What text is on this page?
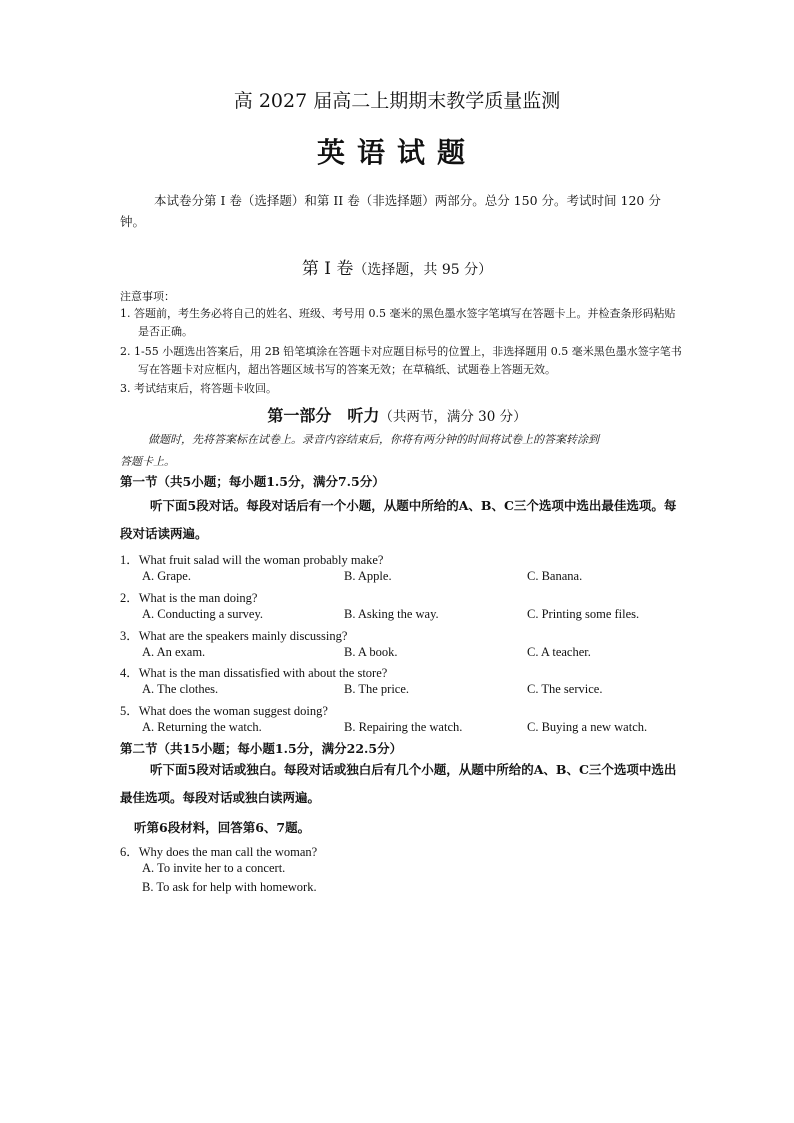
高 2027 届高二上期期末教学质量监测
英语试题
本试卷分第 I 卷（选择题）和第 II 卷（非选择题）两部分。总分 150 分。考试时间 120 分钟。
第 Ⅰ 卷（选择题，共 95 分）
注意事项：
1. 答题前，考生务必将自己的姓名、班级、考号用 0.5 毫米的黑色墨水签字笔填写在答题卡上。并检查条形码粘贴
是否正确。
2. 1-55 小题选出答案后，用 2B 铅笔填涂在答题卡对应题目标号的位置上，非选择题用 0.5 毫米黑色墨水签字笔书
写在答题卡对应框内，超出答题区域书写的答案无效；在草稿纸、试题卷上答题无效。
3. 考试结束后，将答题卡收回。
第一部分　听力（共两节，满分 30 分）
做题时，先将答案标在试卷上。录音内容结束后，你将有两分钟的时间将试卷上的答案转涂到
答题卡上。
第一节（共5小题；每小题1.5分，满分7.5分）
听下面5段对话。每段对话后有一个小题，从题中所给的A、B、C三个选项中选出最佳选项。每段对话读两遍。
1．What fruit salad will the woman probably make?
A. Grape.	B. Apple.	C. Banana.
2．What is the man doing?
A. Conducting a survey.	B. Asking the way.	C. Printing some files.
3．What are the speakers mainly discussing?
A. An exam.	B. A book.	C. A teacher.
4．What is the man dissatisfied with about the store?
A. The clothes.	B. The price.	C. The service.
5．What does the woman suggest doing?
A. Returning the watch.	B. Repairing the watch.	C. Buying a new watch.
第二节（共15小题；每小题1.5分，满分22.5分）
听下面5段对话或独白。每段对话或独白后有几个小题，从题中所给的A、B、C三个选项中选出最佳选项。每段对话或独白读两遍。
听第6段材料，回答第6、7题。
6．Why does the man call the woman?
A. To invite her to a concert.
B. To ask for help with homework.
